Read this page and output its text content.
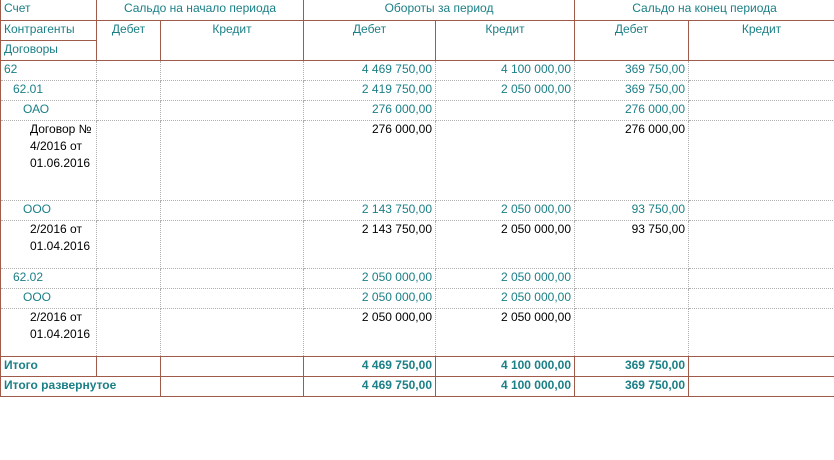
Счет	Сальдо на начало периода		Обороты за период		Сальдо на конец периода	
Контрагенты	Дебет	Кредит	Дебет	Кредит	Дебет	Кредит
Договоры						
62			4 469 750,00	4 100 000,00	369 750,00	
62.01			2 419 750,00	2 050 000,00	369 750,00	
ОАО			276 000,00		276 000,00	
Договор № 4/2016 от 01.06.2016			276 000,00		276 000,00	
ООО			2 143 750,00	2 050 000,00	93 750,00	
2/2016 от 01.04.2016			2 143 750,00	2 050 000,00	93 750,00	
62.02			2 050 000,00	2 050 000,00		
ООО			2 050 000,00	2 050 000,00		
2/2016 от 01.04.2016			2 050 000,00	2 050 000,00		
Итого			4 469 750,00	4 100 000,00	369 750,00	
Итого развернутое			4 469 750,00	4 100 000,00	369 750,00	
